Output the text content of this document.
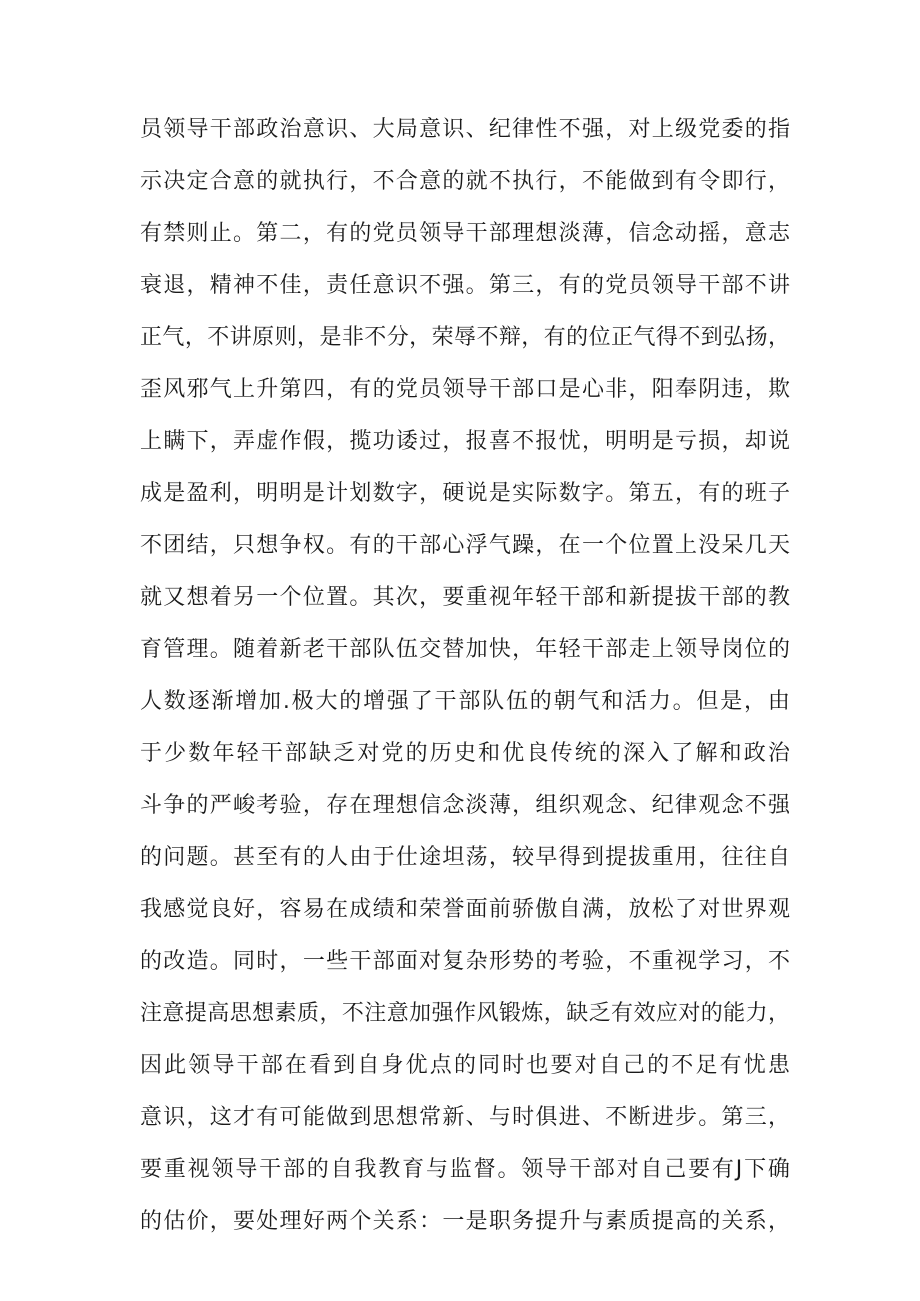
员领导干部政治意识、大局意识、纪律性不强，对上级党委的指
示决定合意的就执行，不合意的就不执行，不能做到有令即行，
有禁则止。第二，有的党员领导干部理想淡薄，信念动摇，意志
衰退，精神不佳，责任意识不强。第三，有的党员领导干部不讲
正气，不讲原则，是非不分，荣辱不辩，有的位正气得不到弘扬，
歪风邪气上升第四，有的党员领导干部口是心非，阳奉阴违，欺
上瞒下，弄虚作假，揽功诿过，报喜不报忧，明明是亏损，却说
成是盈利，明明是计划数字，硬说是实际数字。第五，有的班子
不团结，只想争权。有的干部心浮气躁，在一个位置上没呆几天
就又想着另一个位置。其次，要重视年轻干部和新提拔干部的教
育管理。随着新老干部队伍交替加快，年轻干部走上领导岗位的
人数逐渐增加.极大的增强了干部队伍的朝气和活力。但是，由
于少数年轻干部缺乏对党的历史和优良传统的深入了解和政治
斗争的严峻考验，存在理想信念淡薄，组织观念、纪律观念不强
的问题。甚至有的人由于仕途坦荡，较早得到提拔重用，往往自
我感觉良好，容易在成绩和荣誉面前骄傲自满，放松了对世界观
的改造。同时，一些干部面对复杂形势的考验，不重视学习，不
注意提高思想素质，不注意加强作风锻炼，缺乏有效应对的能力，
因此领导干部在看到自身优点的同时也要对自己的不足有忧患
意识，这才有可能做到思想常新、与时俱进、不断进步。第三，
要重视领导干部的自我教育与监督。领导干部对自己要有J下确
的估价，要处理好两个关系：一是职务提升与素质提高的关系，
